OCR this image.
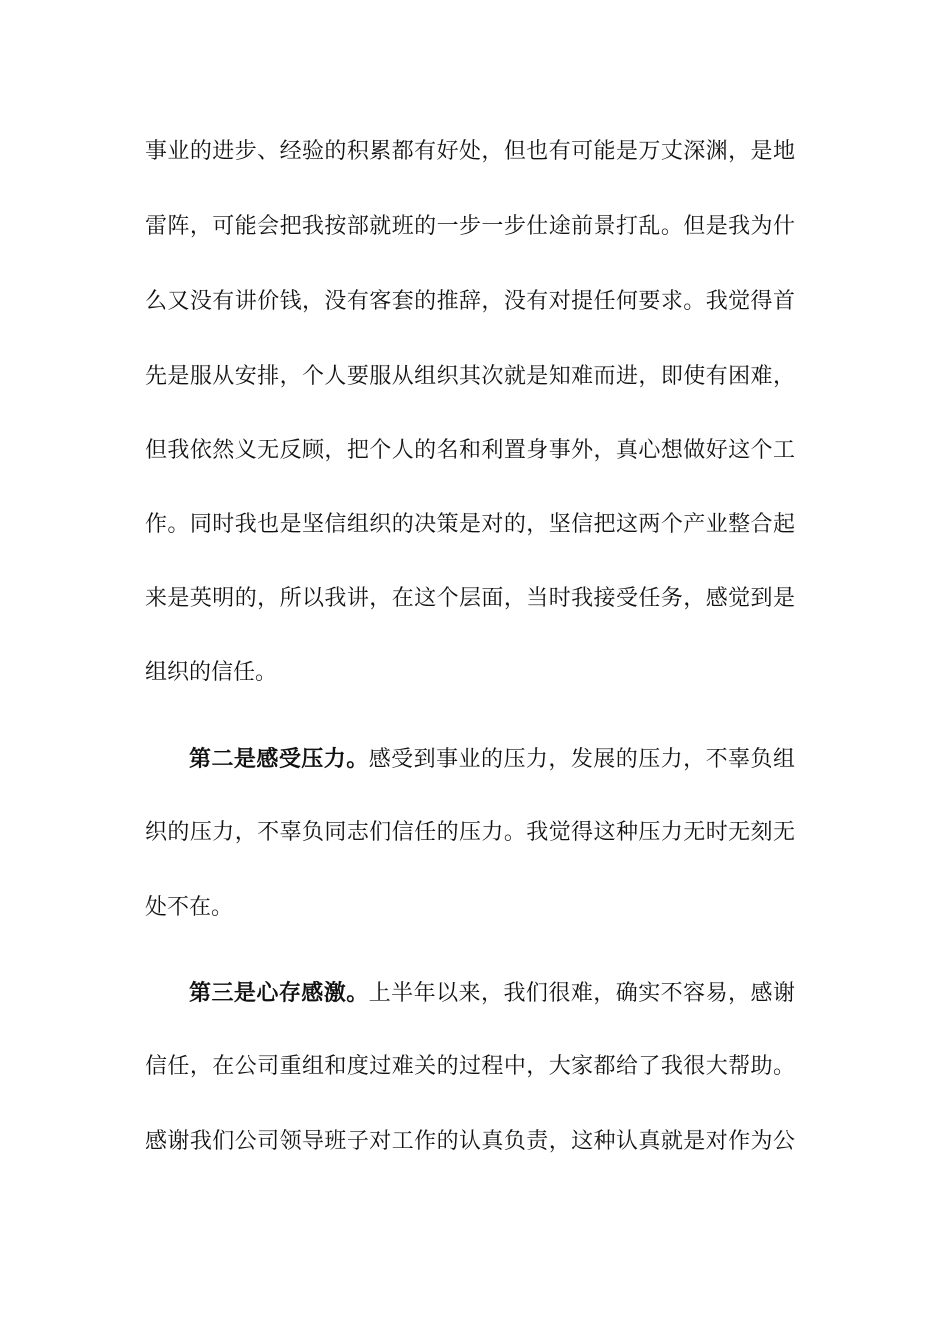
事业的进步、经验的积累都有好处，但也有可能是万丈深渊，是地
雷阵，可能会把我按部就班的一步一步仕途前景打乱。但是我为什
么又没有讲价钱，没有客套的推辞，没有对提任何要求。我觉得首
先是服从安排，个人要服从组织其次就是知难而进，即使有困难，
但我依然义无反顾，把个人的名和利置身事外，真心想做好这个工
作。同时我也是坚信组织的决策是对的，坚信把这两个产业整合起
来是英明的，所以我讲，在这个层面，当时我接受任务，感觉到是
组织的信任。
第二是感受压力。感受到事业的压力，发展的压力，不辜负组
织的压力，不辜负同志们信任的压力。我觉得这种压力无时无刻无
处不在。
第三是心存感激。上半年以来，我们很难，确实不容易，感谢
信任，在公司重组和度过难关的过程中，大家都给了我很大帮助。
感谢我们公司领导班子对工作的认真负责，这种认真就是对作为公
